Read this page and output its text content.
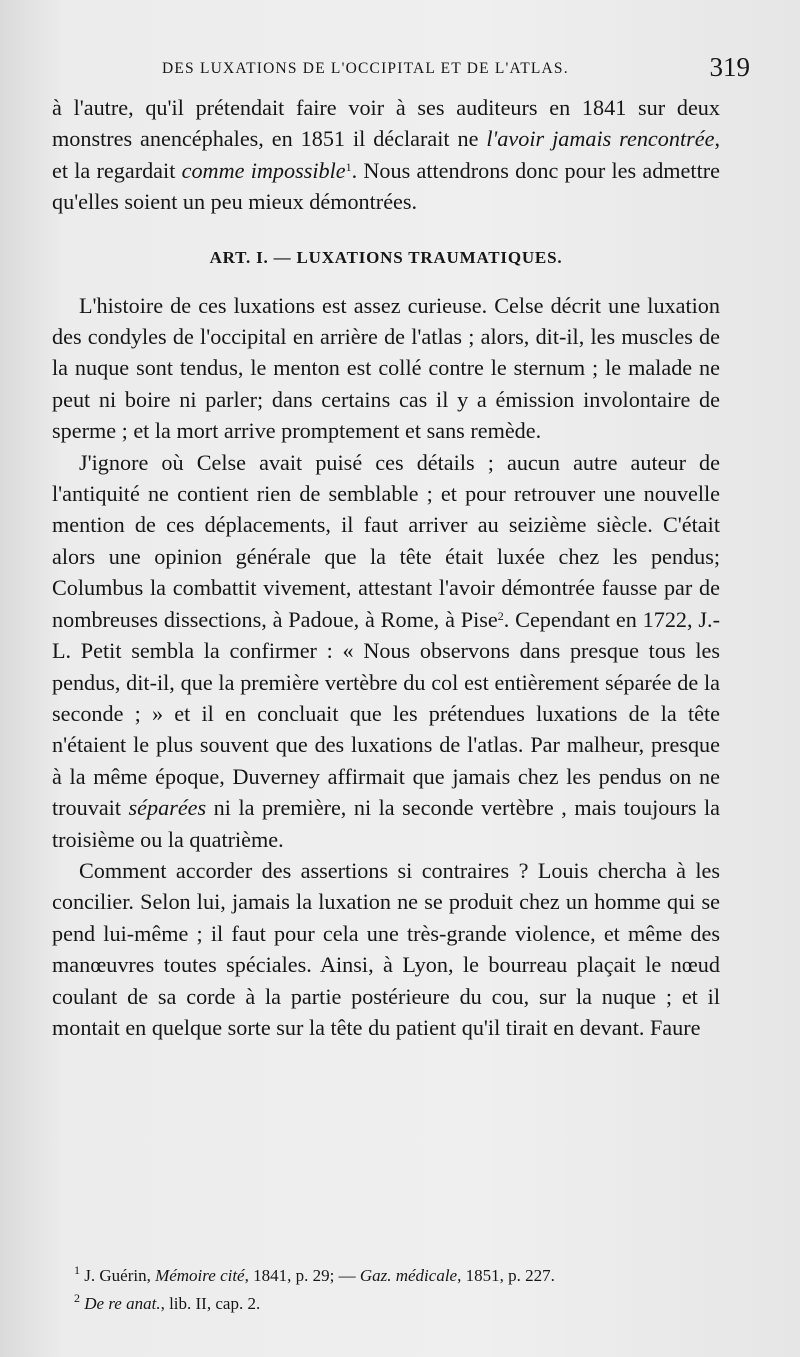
DES LUXATIONS DE L'OCCIPITAL ET DE L'ATLAS.	319

à l'autre, qu'il prétendait faire voir à ses auditeurs en 1841 sur deux monstres anencéphales, en 1851 il déclarait ne l'avoir jamais rencontrée, et la regardait comme impossible$^1$. Nous attendrons donc pour les admettre qu'elles soient un peu mieux démontrées.

ART. I. — LUXATIONS TRAUMATIQUES.

L'histoire de ces luxations est assez curieuse. Celse décrit une luxation des condyles de l'occipital en arrière de l'atlas ; alors, dit-il, les muscles de la nuque sont tendus, le menton est collé contre le sternum ; le malade ne peut ni boire ni parler; dans certains cas il y a émission involontaire de sperme ; et la mort arrive promptement et sans remède.

J'ignore où Celse avait puisé ces détails ; aucun autre auteur de l'antiquité ne contient rien de semblable ; et pour retrouver une nouvelle mention de ces déplacements, il faut arriver au seizième siècle. C'était alors une opinion générale que la tête était luxée chez les pendus; Columbus la combattit vivement, attestant l'avoir démontrée fausse par de nombreuses dissections, à Padoue, à Rome, à Pise$^2$. Cependant en 1722, J.-L. Petit sembla la confirmer : « Nous observons dans presque tous les pendus, dit-il, que la première vertèbre du col est entièrement séparée de la seconde ; » et il en concluait que les prétendues luxations de la tête n'étaient le plus souvent que des luxations de l'atlas. Par malheur, presque à la même époque, Duverney affirmait que jamais chez les pendus on ne trouvait séparées ni la première, ni la seconde vertèbre , mais toujours la troisième ou la quatrième.

Comment accorder des assertions si contraires ? Louis chercha à les concilier. Selon lui, jamais la luxation ne se produit chez un homme qui se pend lui-même ; il faut pour cela une très-grande violence, et même des manœuvres toutes spéciales. Ainsi, à Lyon, le bourreau plaçait le nœud coulant de sa corde à la partie postérieure du cou, sur la nuque ; et il montait en quelque sorte sur la tête du patient qu'il tirait en devant. Faure

$^1$ J. Guérin, Mémoire cité, 1841, p. 29; — Gaz. médicale, 1851, p. 227.

$^2$ De re anat., lib. II, cap. 2.
